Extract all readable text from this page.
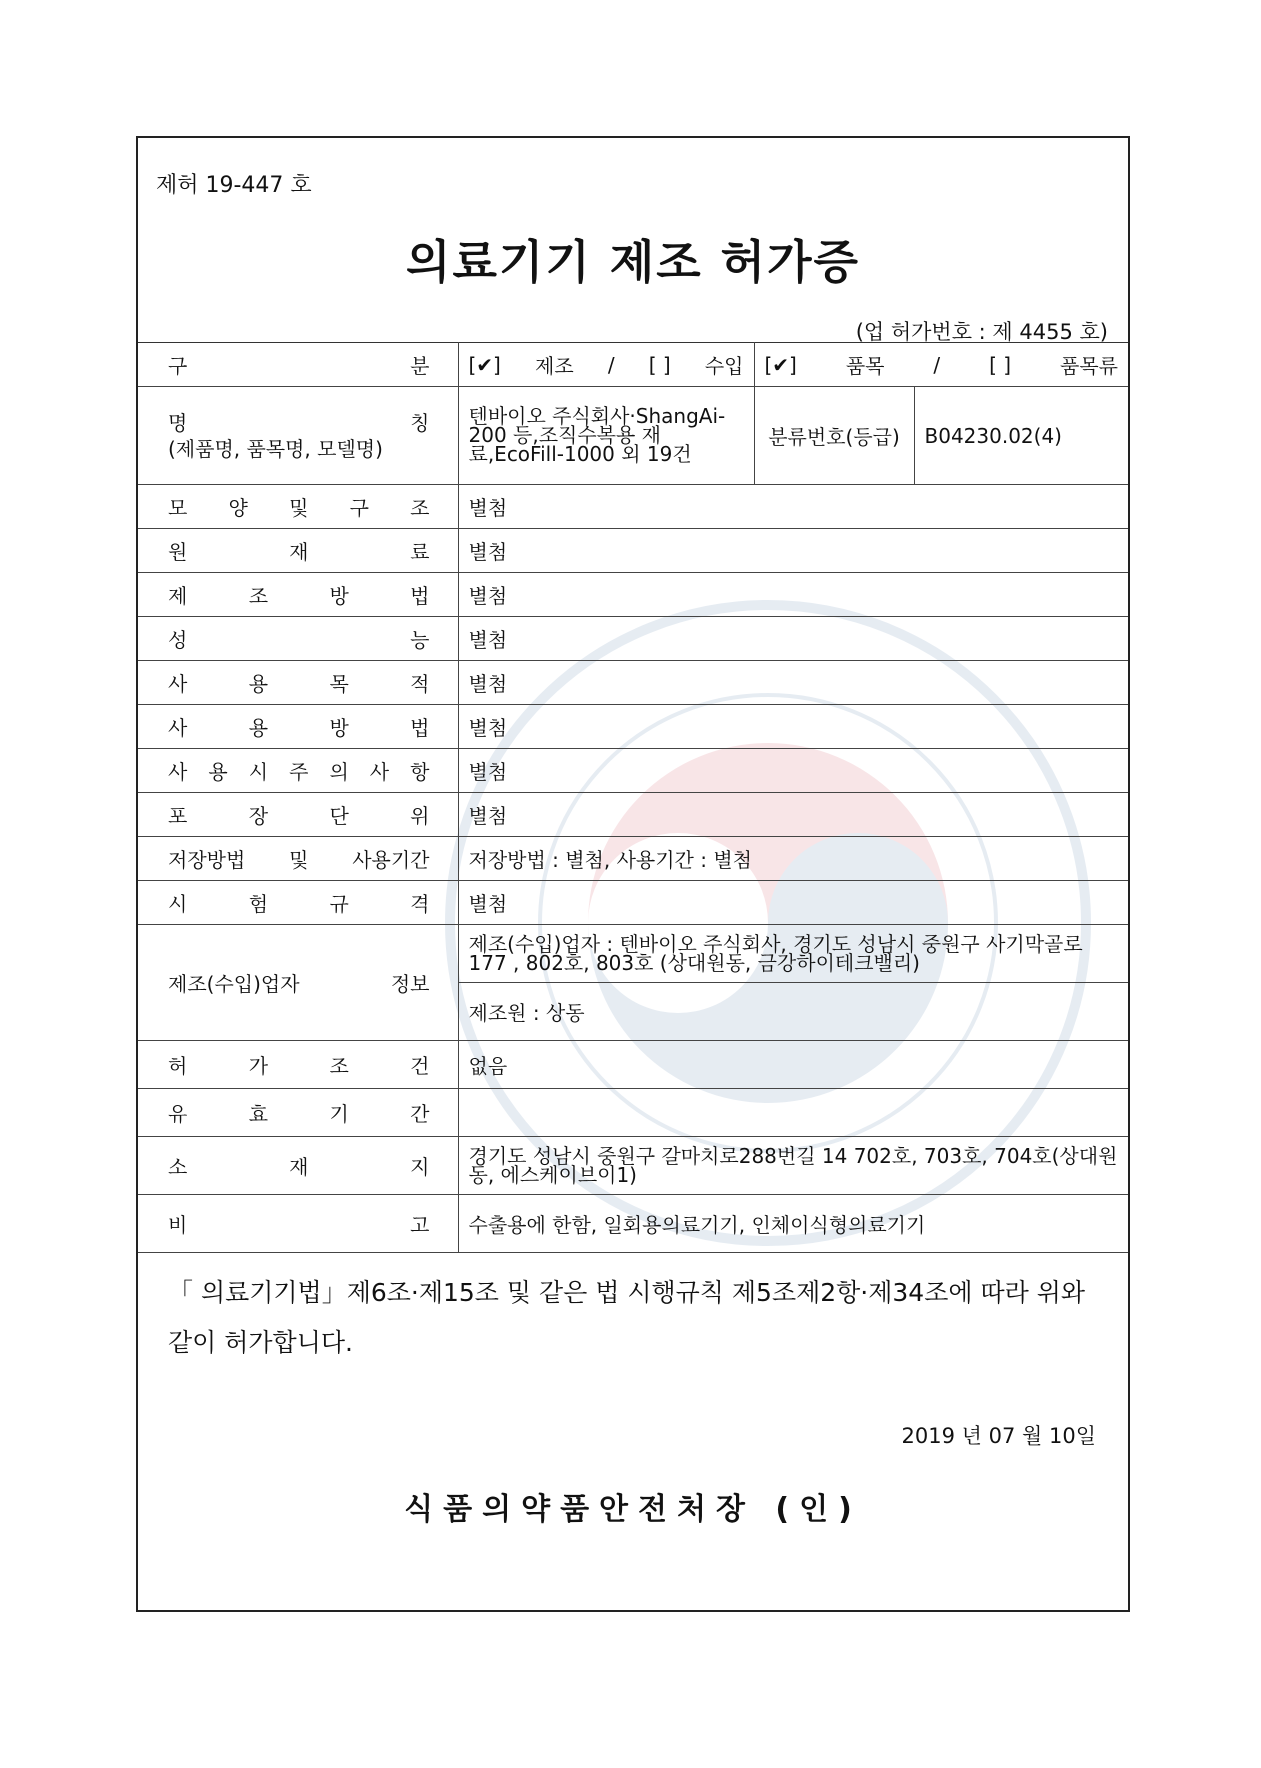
제허 19-447 호
의료기기 제조 허가증
(업 허가번호 : 제 4455 호)
구 분	[✔] 제조 / [ ] 수입	[✔] 품목 / [ ] 품목류	

명 칭
(제품명, 품목명, 모델명)	텐바이오 주식회사·ShangAi-200 등,조직수복용 재료,EcoFill-1000 외 19건	분류번호(등급)	B04230.02(4)
모 양 및 구 조	별첨		
원 재 료	별첨		
제 조 방 법	별첨		
성 능	별첨		
사 용 목 적	별첨		
사 용 방 법	별첨		
사 용 시 주 의 사 항	별첨		
포 장 단 위	별첨		
저장방법 및 사용기간	저장방법 : 별첨, 사용기간 : 별첨		
시 험 규 격	별첨		
제조(수입)업자 정보	제조(수입)업자 : 텐바이오 주식회사, 경기도 성남시 중원구 사기막골로 177 , 802호, 803호 (상대원동, 금강하이테크밸리)		
	제조원 : 상동		
허 가 조 건	없음		
유 효 기 간			
소 재 지	경기도 성남시 중원구 갈마치로288번길 14 702호, 703호, 704호(상대원동, 에스케이브이1)		
비 고	수출용에 한함, 일회용의료기기, 인체이식형의료기기		
「 의료기기법」제6조·제15조 및 같은 법 시행규칙 제5조제2항·제34조에 따라 위와 같이 허가합니다.
2019 년 07 월 10일
식품의약품안전처장 (인)
